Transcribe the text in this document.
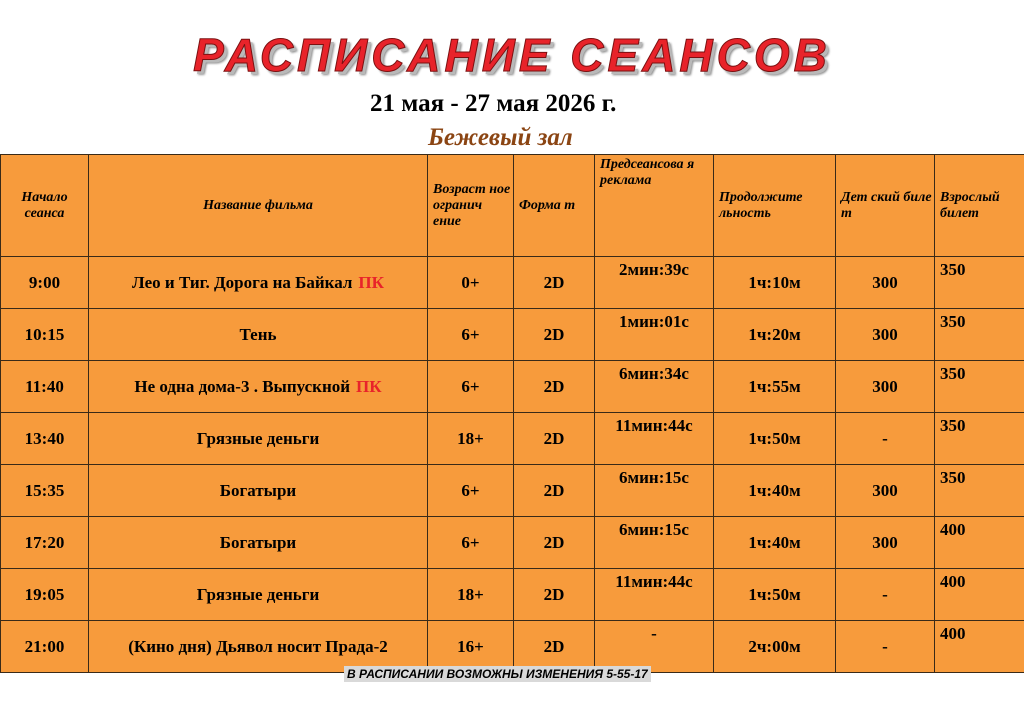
РАСПИСАНИЕ СЕАНСОВ
21 мая - 27 мая 2026 г.
Бежевый зал
Начало сеанса	Название фильма	Возраст ное огранич ение	Форма т	Предсеансова я реклама	Продолжите льность	Дет ский биле т	Взрослый билет
9:00	Лео и Тиг. Дорога на Байкал ПК	0+	2D	2мин:39с	1ч:10м	300	350
10:15	Тень	6+	2D	1мин:01с	1ч:20м	300	350
11:40	Не одна дома-3 . Выпускной ПК	6+	2D	6мин:34с	1ч:55м	300	350
13:40	Грязные деньги	18+	2D	11мин:44с	1ч:50м	-	350
15:35	Богатыри	6+	2D	6мин:15с	1ч:40м	300	350
17:20	Богатыри	6+	2D	6мин:15с	1ч:40м	300	400
19:05	Грязные деньги	18+	2D	11мин:44с	1ч:50м	-	400
21:00	(Кино дня) Дьявол носит Прада-2	16+	2D	-	2ч:00м	-	400
В РАСПИСАНИИ ВОЗМОЖНЫ ИЗМЕНЕНИЯ 5-55-17
